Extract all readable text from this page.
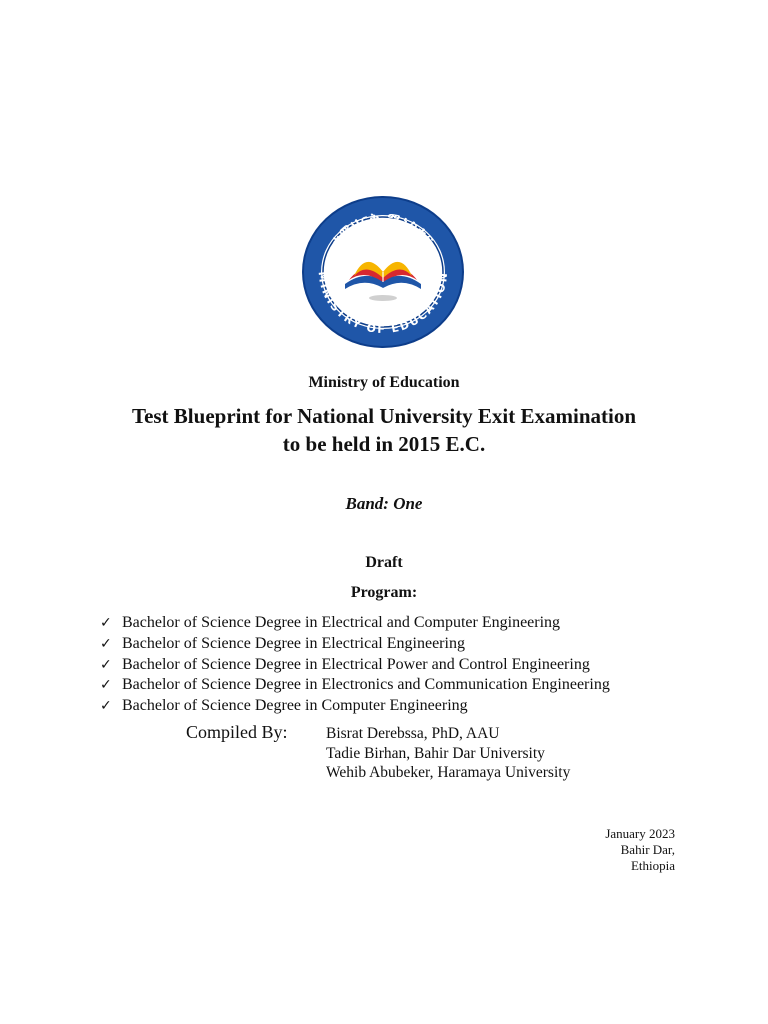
ተምህርት ሚኒስቴር
MINISTRY OF EDUCATION
Ministry of Education
Test Blueprint for National University Exit Examination
to be held in 2015 E.C.
Band: One
Draft
Program:
✓ Bachelor of Science Degree in Electrical and Computer Engineering
✓ Bachelor of Science Degree in Electrical Engineering
✓ Bachelor of Science Degree in Electrical Power and Control Engineering
✓ Bachelor of Science Degree in Electronics and Communication Engineering
✓ Bachelor of Science Degree in Computer Engineering
Compiled By: Bisrat Derebssa, PhD, AAU
Tadie Birhan, Bahir Dar University
Wehib Abubeker, Haramaya University
January 2023
Bahir Dar,
Ethiopia
